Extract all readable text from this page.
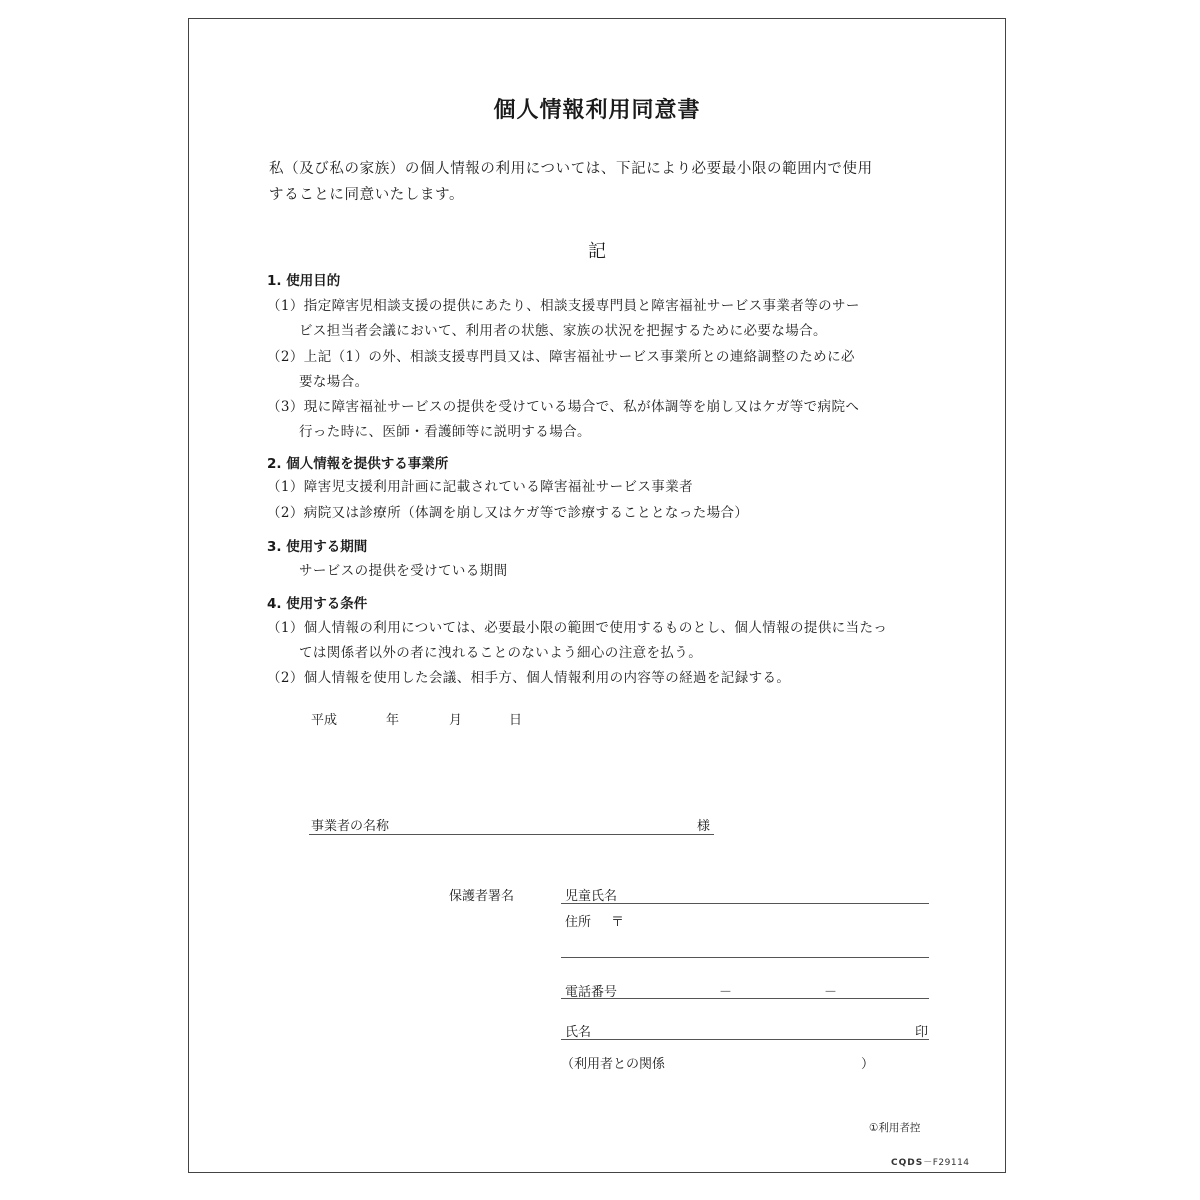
個人情報利用同意書
私（及び私の家族）の個人情報の利用については、下記により必要最小限の範囲内で使用
することに同意いたします。
記
1. 使用目的
（1）指定障害児相談支援の提供にあたり、相談支援専門員と障害福祉サービス事業者等のサー
ビス担当者会議において、利用者の状態、家族の状況を把握するために必要な場合。
（2）上記（1）の外、相談支援専門員又は、障害福祉サービス事業所との連絡調整のために必
要な場合。
（3）現に障害福祉サービスの提供を受けている場合で、私が体調等を崩し又はケガ等で病院へ
行った時に、医師・看護師等に説明する場合。
2. 個人情報を提供する事業所
（1）障害児支援利用計画に記載されている障害福祉サービス事業者
（2）病院又は診療所（体調を崩し又はケガ等で診療することとなった場合）
3. 使用する期間
サービスの提供を受けている期間
4. 使用する条件
（1）個人情報の利用については、必要最小限の範囲で使用するものとし、個人情報の提供に当たっ
ては関係者以外の者に洩れることのないよう細心の注意を払う。
（2）個人情報を使用した会議、相手方、個人情報利用の内容等の経過を記録する。
平成	年	月	日
事業者の名称	様
保護者署名	児童氏名
住所 〒
電話番号	－	－
氏名	印
（利用者との関係	）
①利用者控
CQDS－F29114
